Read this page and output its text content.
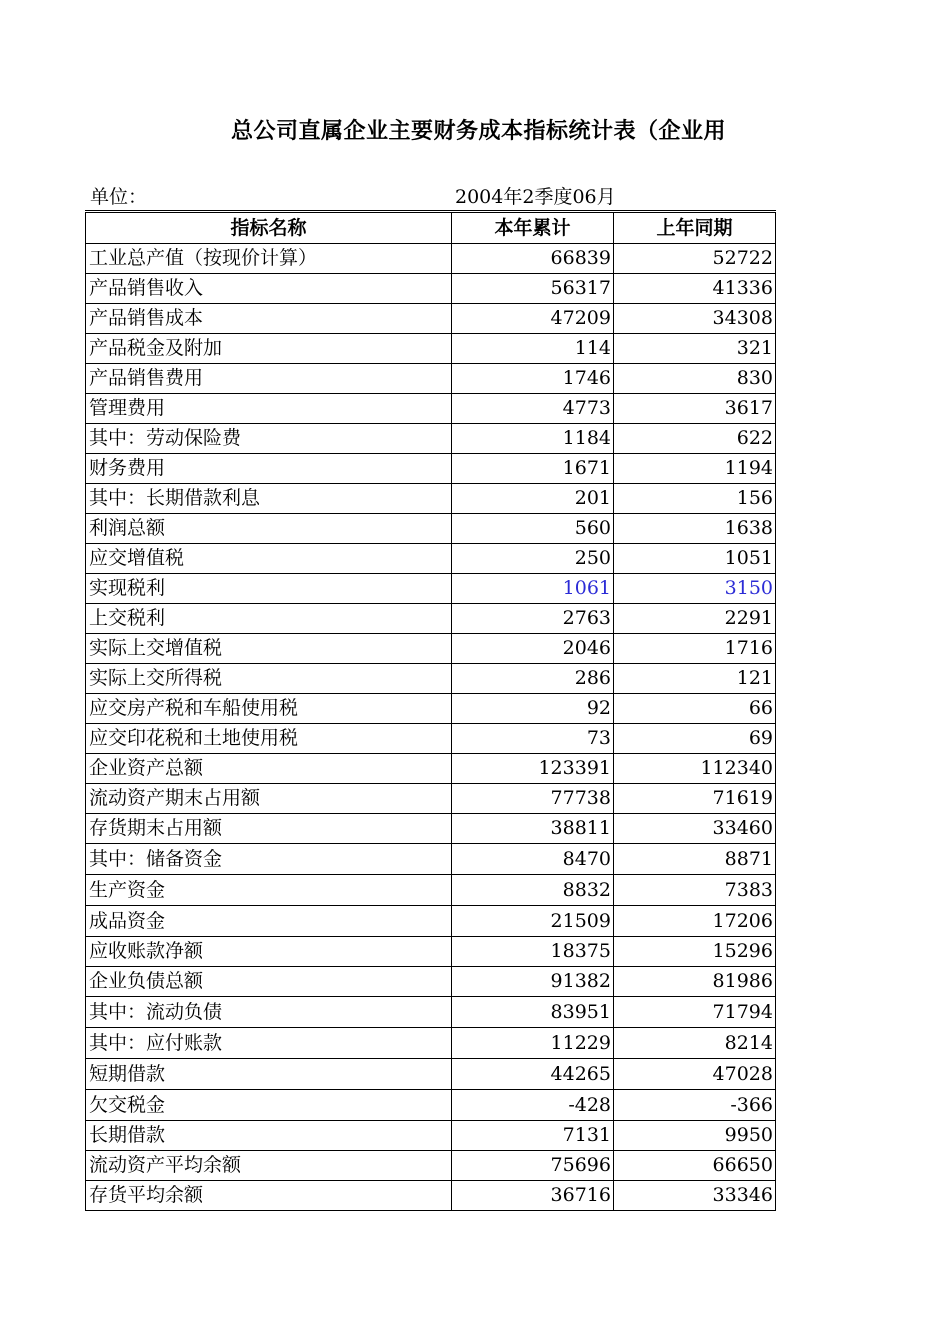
总公司直属企业主要财务成本指标统计表（企业用
单位：	2004年2季度06月
指标名称	本年累计	上年同期
工业总产值（按现价计算）	66839	52722
产品销售收入	56317	41336
产品销售成本	47209	34308
产品税金及附加	114	321
产品销售费用	1746	830
管理费用	4773	3617
其中：劳动保险费	1184	622
财务费用	1671	1194
其中：长期借款利息	201	156
利润总额	560	1638
应交增值税	250	1051
实现税利	1061	3150
上交税利	2763	2291
实际上交增值税	2046	1716
实际上交所得税	286	121
应交房产税和车船使用税	92	66
应交印花税和土地使用税	73	69
企业资产总额	123391	112340
流动资产期末占用额	77738	71619
存货期末占用额	38811	33460
其中：储备资金	8470	8871
生产资金	8832	7383
成品资金	21509	17206
应收账款净额	18375	15296
企业负债总额	91382	81986
其中：流动负债	83951	71794
其中：应付账款	11229	8214
短期借款	44265	47028
欠交税金	-428	-366
长期借款	7131	9950
流动资产平均余额	75696	66650
存货平均余额	36716	33346
